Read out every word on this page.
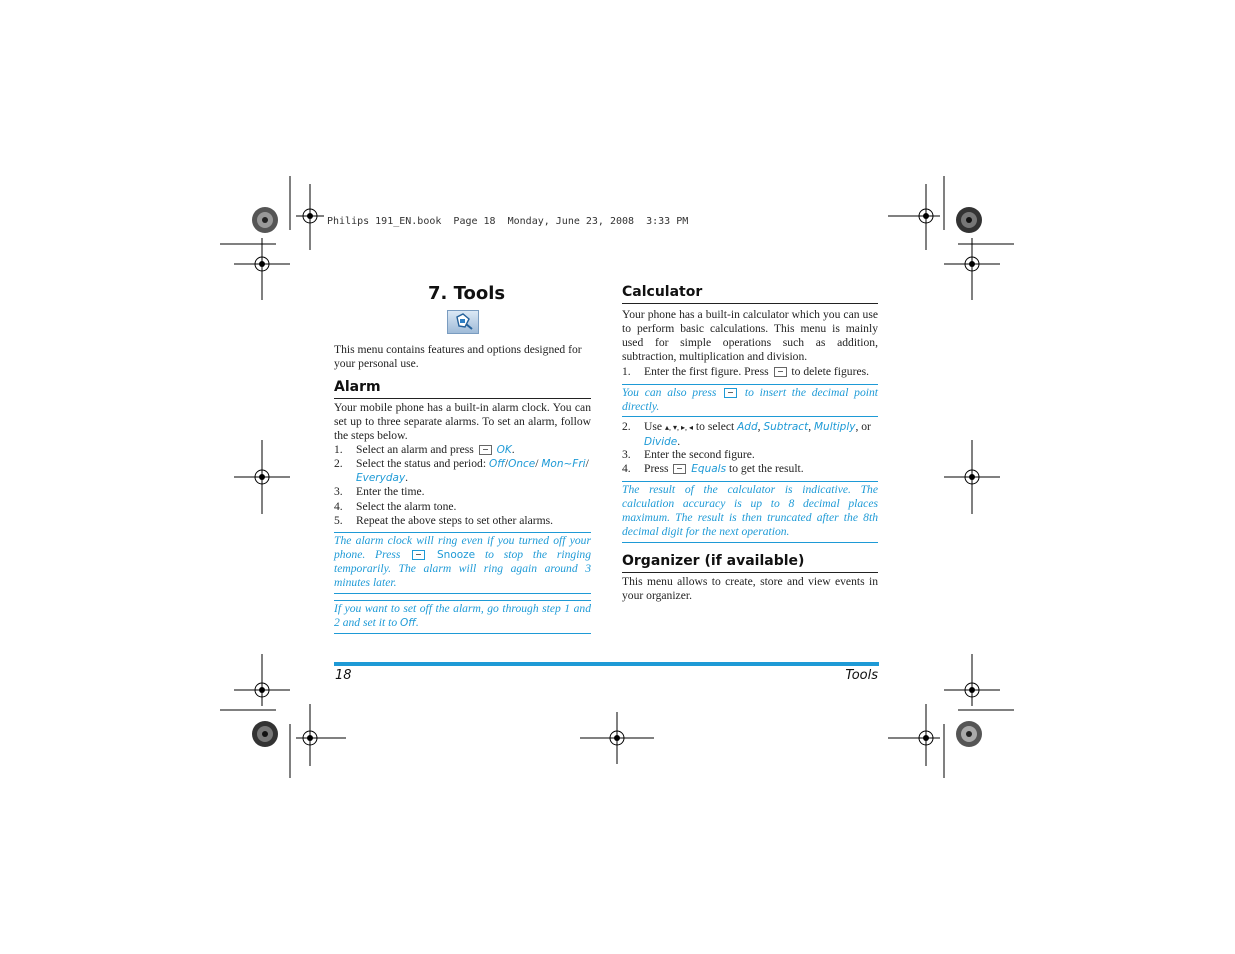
Philips 191_EN.book  Page 18  Monday, June 23, 2008  3:33 PM
7. Tools
This menu contains features and options designed for your personal use.
Alarm
Your mobile phone has a built-in alarm clock. You can set up to three separate alarms. To set an alarm, follow the steps below.
1. Select an alarm and press OK.
2. Select the status and period: Off/Once/ Mon~Fri/ Everyday.
3. Enter the time.
4. Select the alarm tone.
5. Repeat the above steps to set other alarms.
The alarm clock will ring even if you turned off your phone. Press	Snooze to stop the ringing temporarily. The alarm will ring again around 3 minutes later.
If you want to set off the alarm, go through step 1 and 2 and set it to Off.
Calculator
Your phone has a built-in calculator which you can use to perform basic calculations. This menu is mainly used for simple operations such as addition, subtraction, multiplication and division.
1. Enter the first figure. Press to delete figures.
You can also press to insert the decimal point directly.
2. Use ▴, ▾, ▸, ◂ to select Add, Subtract, Multiply, or Divide.
3. Enter the second figure.
4. Press Equals to get the result.
The result of the calculator is indicative. The calculation accuracy is up to 8 decimal places maximum. The result is then truncated after the 8th decimal digit for the next operation.
Organizer (if available)
This menu allows to create, store and view events in your organizer.
18	Tools
